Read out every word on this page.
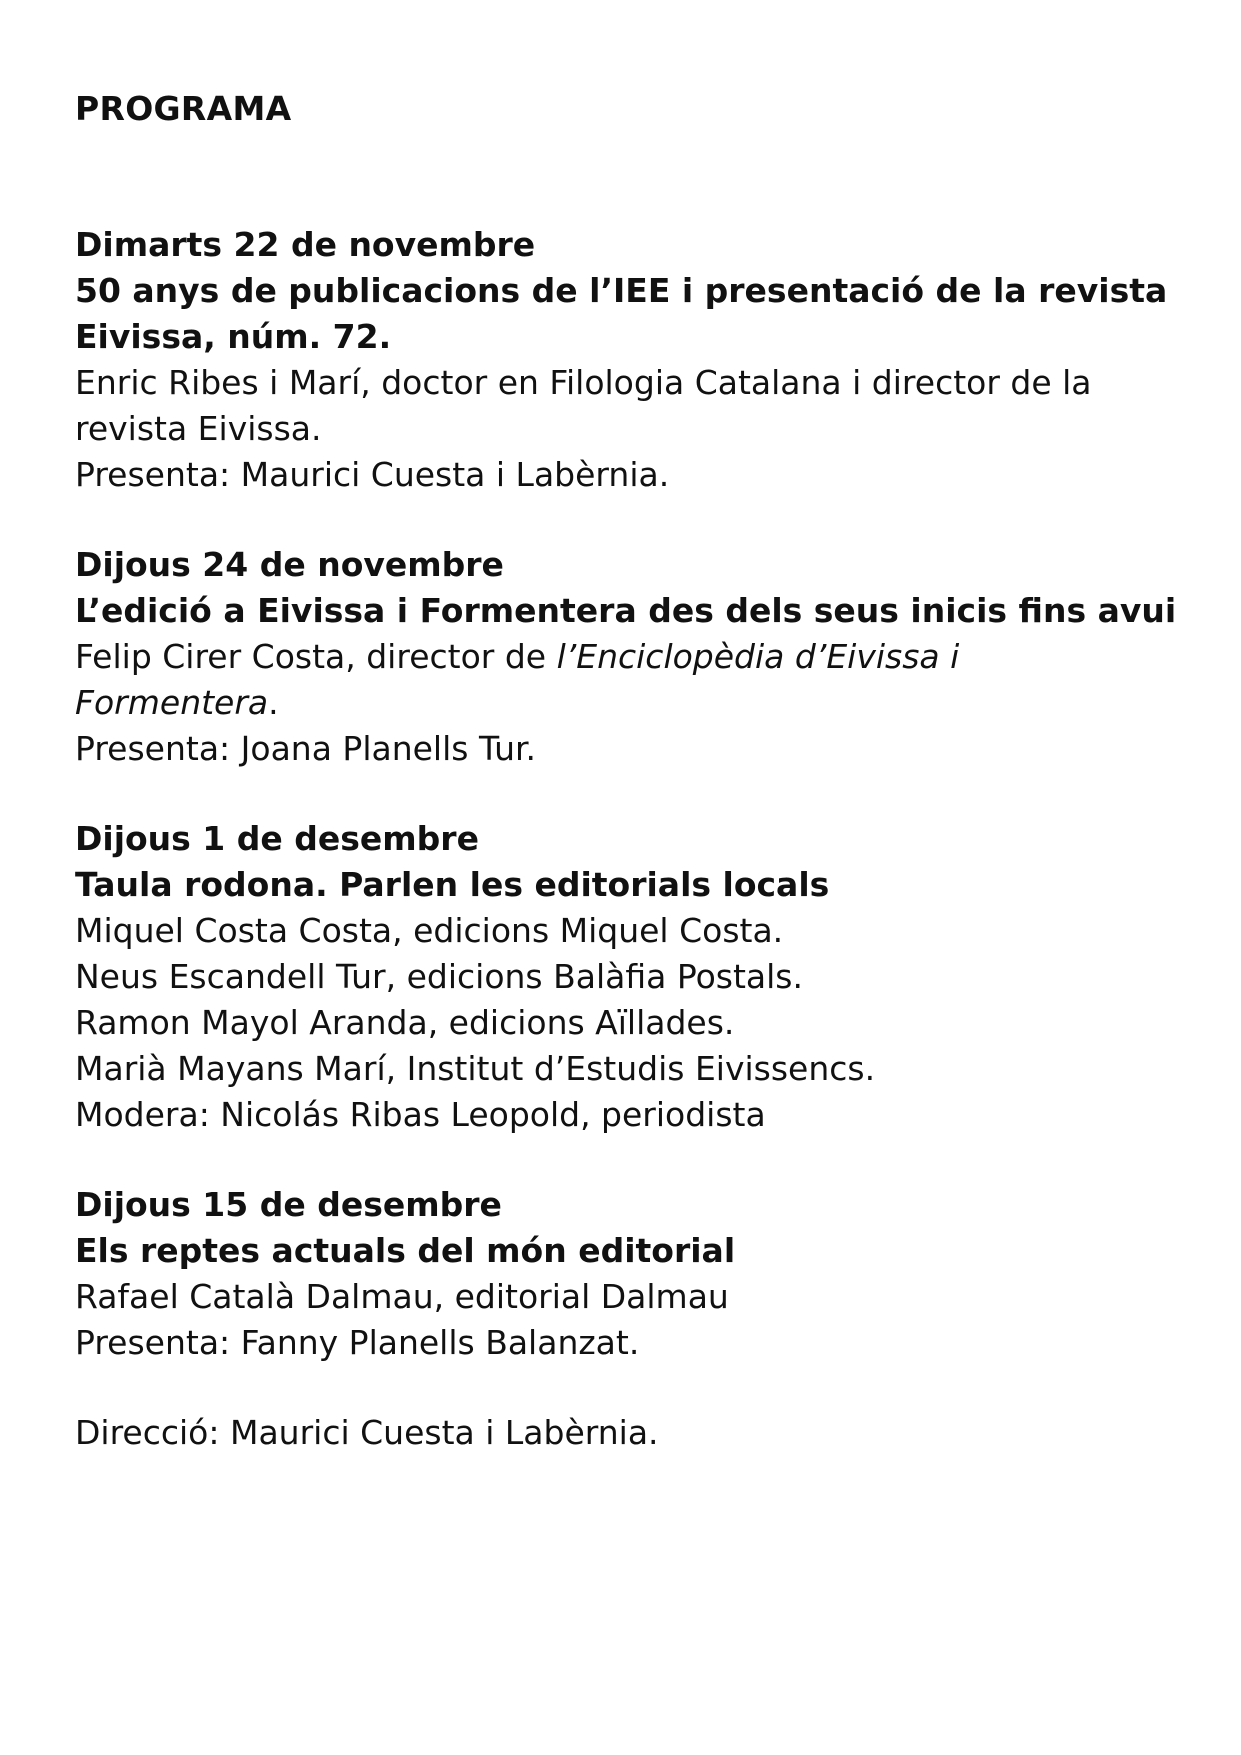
PROGRAMA

Dimarts 22 de novembre

50 anys de publicacions de l’IEE i presentació de la revista

Eivissa, núm. 72.

Enric Ribes i Marí, doctor en Filologia Catalana i director de la

revista Eivissa.

Presenta: Maurici Cuesta i Labèrnia.

Dijous 24 de novembre

L’edició a Eivissa i Formentera des dels seus inicis fins avui

Felip Cirer Costa, director de l’Enciclopèdia d’Eivissa i

Formentera.

Presenta: Joana Planells Tur.

Dijous 1 de desembre

Taula rodona. Parlen les editorials locals

Miquel Costa Costa, edicions Miquel Costa.

Neus Escandell Tur, edicions Balàfia Postals.

Ramon Mayol Aranda, edicions Aïllades.

Marià Mayans Marí, Institut d’Estudis Eivissencs.

Modera: Nicolás Ribas Leopold, periodista

Dijous 15 de desembre

Els reptes actuals del món editorial

Rafael Català Dalmau, editorial Dalmau

Presenta: Fanny Planells Balanzat.

Direcció: Maurici Cuesta i Labèrnia.
